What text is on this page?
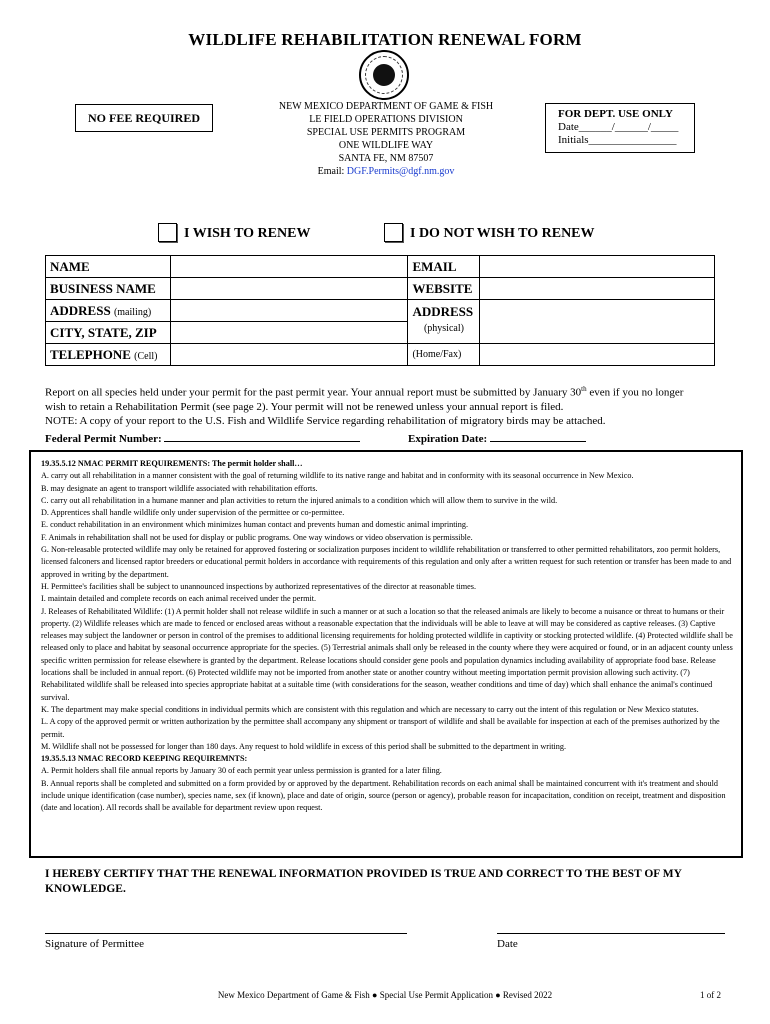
WILDLIFE REHABILITATION RENEWAL FORM
NO FEE REQUIRED
NEW MEXICO DEPARTMENT OF GAME & FISH
LE FIELD OPERATIONS DIVISION
SPECIAL USE PERMITS PROGRAM
ONE WILDLIFE WAY
SANTA FE, NM 87507
Email: DGF.Permits@dgf.nm.gov
FOR DEPT. USE ONLY
Date______/______/_____
Initials________________
I WISH TO RENEW	I DO NOT WISH TO RENEW
NAME		EMAIL	
BUSINESS NAME		WEBSITE	
ADDRESS (mailing)		ADDRESS
(physical)	

CITY, STATE, ZIP			
TELEPHONE (Cell)		(Home/Fax)	
Report on all species held under your permit for the past permit year. Your annual report must be submitted by January 30th even if you no longer
wish to retain a Rehabilitation Permit (see page 2). Your permit will not be renewed unless your annual report is filed.
NOTE: A copy of your report to the U.S. Fish and Wildlife Service regarding rehabilitation of migratory birds may be attached.
Federal Permit Number:	Expiration Date:

19.35.5.12 NMAC PERMIT REQUIREMENTS: The permit holder shall…

A. carry out all rehabilitation in a manner consistent with the goal of returning wildlife to its native range and habitat and in conformity with its seasonal occurrence in New Mexico.

B. may designate an agent to transport wildlife associated with rehabilitation efforts.

C. carry out all rehabilitation in a humane manner and plan activities to return the injured animals to a condition which will allow them to survive in the wild.

D. Apprentices shall handle wildlife only under supervision of the permittee or co-permittee.

E. conduct rehabilitation in an environment which minimizes human contact and prevents human and domestic animal imprinting.

F. Animals in rehabilitation shall not be used for display or public programs. One way windows or video observation is permissible.

G. Non-releasable protected wildlife may only be retained for approved fostering or socialization purposes incident to wildlife rehabilitation or transferred to other permitted rehabilitators, zoo permit holders, licensed falconers and licensed raptor breeders or educational permit holders in accordance with requirements of this regulation and only after a written request for such retention or transfer has been made to and approved in writing by the department.

H. Permittee's facilities shall be subject to unannounced inspections by authorized representatives of the director at reasonable times.

I. maintain detailed and complete records on each animal received under the permit.

J. Releases of Rehabilitated Wildlife: (1) A permit holder shall not release wildlife in such a manner or at such a location so that the released animals are likely to become a nuisance or threat to humans or their property. (2) Wildlife releases which are made to fenced or enclosed areas without a reasonable expectation that the individuals will be able to leave at will may be considered as captive releases. (3) Captive releases may subject the landowner or person in control of the premises to additional licensing requirements for holding protected wildlife in captivity or stocking protected wildlife. (4) Protected wildlife shall be released only to place and habitat by seasonal occurrence appropriate for the species. (5) Terrestrial animals shall only be released in the county where they were acquired or found, or in an adjacent county unless specific written permission for release elsewhere is granted by the department. Release locations should consider gene pools and population dynamics including availability of appropriate food base. Release locations shall be included in annual report. (6) Protected wildlife may not be imported from another state or another country without meeting importation permit provision allowing such activity. (7) Rehabilitated wildlife shall be released into species appropriate habitat at a suitable time (with considerations for the season, weather conditions and time of day) which shall enhance the animal's continued survival.

K. The department may make special conditions in individual permits which are consistent with this regulation and which are necessary to carry out the intent of this regulation or New Mexico statutes.

L. A copy of the approved permit or written authorization by the permittee shall accompany any shipment or transport of wildlife and shall be available for inspection at each of the premises authorized by the permit.

M. Wildlife shall not be possessed for longer than 180 days. Any request to hold wildlife in excess of this period shall be submitted to the department in writing.

19.35.5.13 NMAC RECORD KEEPING REQUIREMNTS:

A. Permit holders shall file annual reports by January 30 of each permit year unless permission is granted for a later filing.

B. Annual reports shall be completed and submitted on a form provided by or approved by the department. Rehabilitation records on each animal shall be maintained concurrent with it's treatment and should include unique identification (case number), species name, sex (if known), place and date of origin, source (person or agency), probable reason for incapacitation, condition on receipt, treatment and disposition (date and location). All records shall be available for department review upon request.

I HEREBY CERTIFY THAT THE RENEWAL INFORMATION PROVIDED IS TRUE AND CORRECT TO THE BEST OF MY KNOWLEDGE.
Signature of Permittee	Date
New Mexico Department of Game & Fish ● Special Use Permit Application ● Revised 2022	1 of 2
